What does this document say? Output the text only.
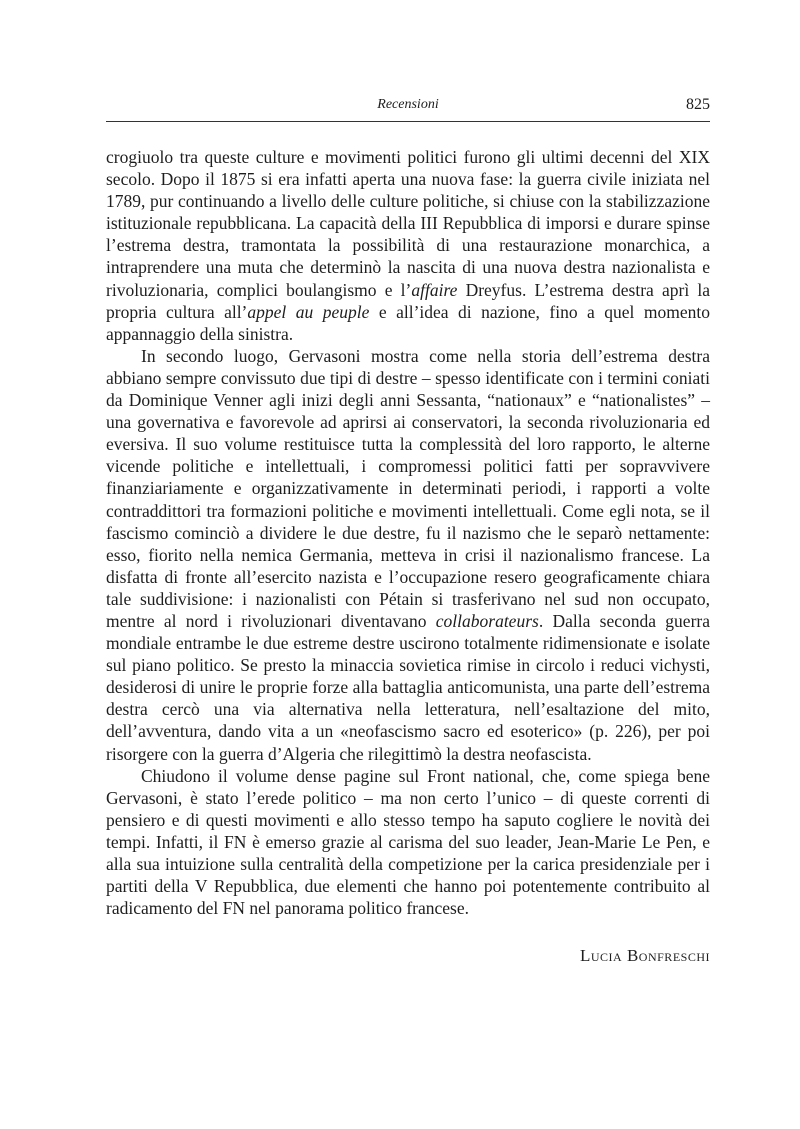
Recensioni	825

crogiuolo tra queste culture e movimenti politici furono gli ultimi decenni del XIX secolo. Dopo il 1875 si era infatti aperta una nuova fase: la guerra civile iniziata nel 1789, pur continuando a livello delle culture politiche, si chiuse con la stabilizzazione istituzionale repubblicana. La capacità della III Repubblica di imporsi e durare spinse l’estrema destra, tramontata la possibilità di una restaurazione monarchica, a intraprendere una muta che determinò la nascita di una nuova destra nazionalista e rivoluzionaria, complici boulangismo e l’affaire Dreyfus. L’estrema destra aprì la propria cultura all’appel au peuple e all’idea di nazione, fino a quel momento appannaggio della sinistra.

In secondo luogo, Gervasoni mostra come nella storia dell’estrema destra abbiano sempre convissuto due tipi di destre – spesso identificate con i termini coniati da Dominique Venner agli inizi degli anni Sessanta, “nationaux” e “nationalistes” – una governativa e favorevole ad aprirsi ai conservatori, la seconda rivoluzionaria ed eversiva. Il suo volume restituisce tutta la complessità del loro rapporto, le alterne vicende politiche e intellettuali, i compromessi politici fatti per sopravvivere finanziariamente e organizzativamente in determinati periodi, i rapporti a volte contraddittori tra formazioni politiche e movimenti intellettuali. Come egli nota, se il fascismo cominciò a dividere le due destre, fu il nazismo che le separò nettamente: esso, fiorito nella nemica Germania, metteva in crisi il nazionalismo francese. La disfatta di fronte all’esercito nazista e l’occupazione resero geograficamente chiara tale suddivisione: i nazionalisti con Pétain si trasferivano nel sud non occupato, mentre al nord i rivoluzionari diventavano collaborateurs. Dalla seconda guerra mondiale entrambe le due estreme destre uscirono totalmente ridimensionate e isolate sul piano politico. Se presto la minaccia sovietica rimise in circolo i reduci vichysti, desiderosi di unire le proprie forze alla battaglia anticomunista, una parte dell’estrema destra cercò una via alternativa nella letteratura, nell’esaltazione del mito, dell’avventura, dando vita a un «neofascismo sacro ed esoterico» (p. 226), per poi risorgere con la guerra d’Algeria che rilegittimò la destra neofascista.

Chiudono il volume dense pagine sul Front national, che, come spiega bene Gervasoni, è stato l’erede politico – ma non certo l’unico – di queste correnti di pensiero e di questi movimenti e allo stesso tempo ha saputo cogliere le novità dei tempi. Infatti, il FN è emerso grazie al carisma del suo leader, Jean-Marie Le Pen, e alla sua intuizione sulla centralità della competizione per la carica presidenziale per i partiti della V Repubblica, due elementi che hanno poi potentemente contribuito al radicamento del FN nel panorama politico francese.

Lucia Bonfreschi
